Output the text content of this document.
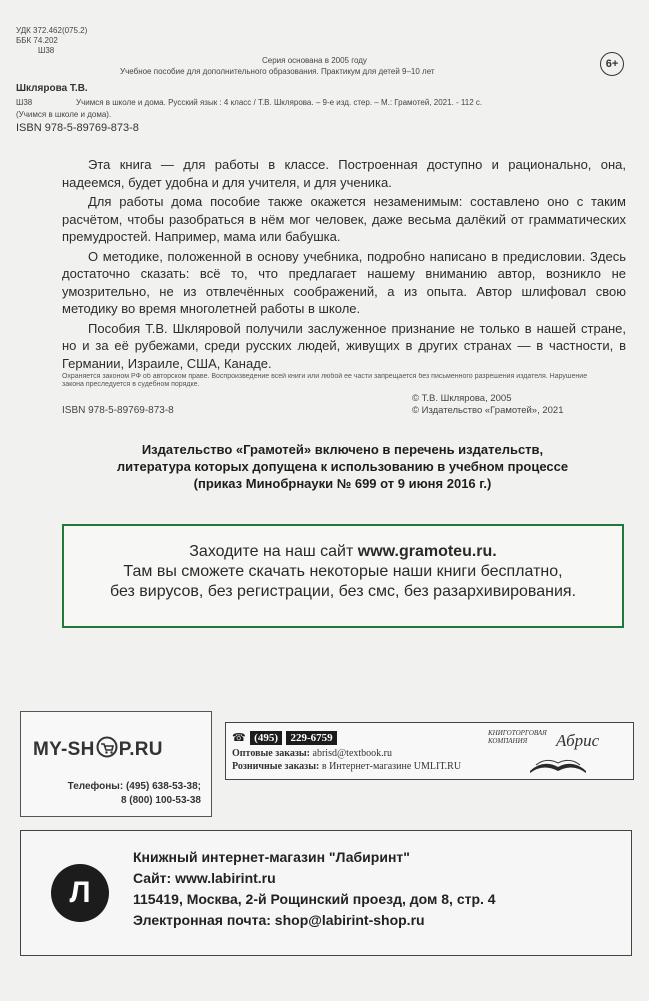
УДК 372.462(075.2)
ББК 74.202
Ш38
Серия основана в 2005 году
Учебное пособие для дополнительного образования. Практикум для детей 9–10 лет
6+
Шклярова Т.В.
Ш38	Учимся в школе и дома. Русский язык : 4 класс / Т.В. Шклярова. – 9-е изд. стер. – М.: Грамотей, 2021. - 112 с.
(Учимся в школе и дома).
ISBN 978-5-89769-873-8

Эта книга — для работы в классе. Построенная доступно и рационально, она, надеемся, будет удобна и для учителя, и для ученика.

Для работы дома пособие также окажется незаменимым: составлено оно с таким расчётом, чтобы разобраться в нём мог человек, даже весьма далёкий от грамматических премудростей. Например, мама или бабушка.

О методике, положенной в основу учебника, подробно написано в предисловии. Здесь достаточно сказать: всё то, что предлагает нашему вниманию автор, возникло не умозрительно, не из отвлечённых соображений, а из опыта. Автор шлифовал свою методику во время многолетней работы в школе.

Пособия Т.В. Шкляровой получили заслуженное признание не только в нашей стране, но и за её рубежами, среди русских людей, живущих в других странах — в частности, в Германии, Израиле, США, Канаде.

Охраняется законом РФ об авторском праве. Воспроизведение всей книги или любой ее части запрещается без письменного разрешения издателя. Нарушение
закона преследуется в судебном порядке.
ISBN 978-5-89769-873-8
© Т.В. Шклярова, 2005
© Издательство «Грамотей», 2021
Издательство «Грамотей» включено в перечень издательств,
литература которых допущена к использованию в учебном процессе
(приказ Минобрнауки № 699 от 9 июня 2016 г.)
Заходите на наш сайт www.gramoteu.ru.
Там вы сможете скачать некоторые наши книги бесплатно,
без вирусов, без регистрации, без смс, без разархивирования.
MY-SH P.RU
Телефоны: (495) 638-53-38;
8 (800) 100-53-38
☎ (495) 229-6759
Оптовые заказы: abrisd@textbook.ru
Розничные заказы: в Интернет-магазине UMLIT.RU
КНИГОТОРГОВАЯ
КОМПАНИЯ	Абрис
Л
Книжный интернет-магазин "Лабиринт"
Сайт: www.labirint.ru
115419, Москва, 2-й Рощинский проезд, дом 8, стр. 4
Электронная почта: shop@labirint-shop.ru
